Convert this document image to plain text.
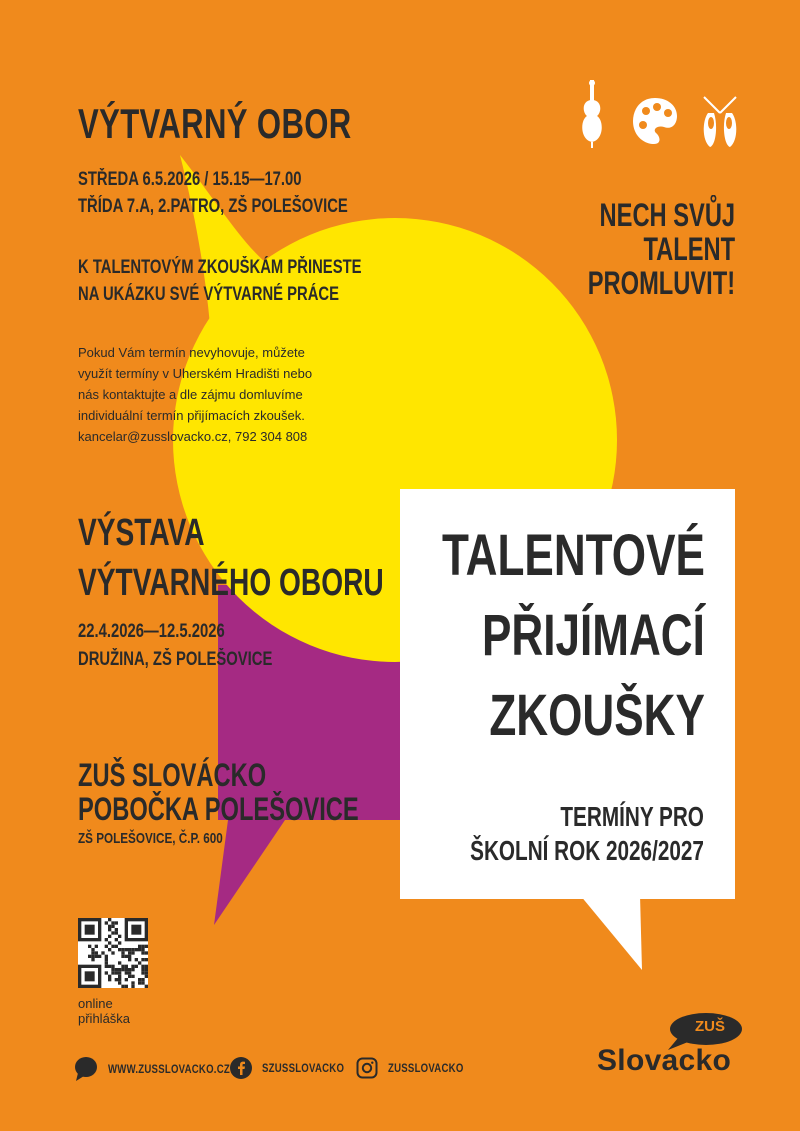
VÝTVARNÝ OBOR
STŘEDA 6.5.2026 / 15.15—17.00
TŘÍDA 7.A, 2.PATRO, ZŠ POLEŠOVICE
K TALENTOVÝM ZKOUŠKÁM PŘINESTE
NA UKÁZKU SVÉ VÝTVARNÉ PRÁCE
Pokud Vám termín nevyhovuje, můžete
využít termíny v Uherském Hradišti nebo
nás kontaktujte a dle zájmu domluvíme
individuální termín přijímacích zkoušek.
kancelar@zusslovacko.cz, 792 304 808
VÝSTAVA
VÝTVARNÉHO OBORU
22.4.2026—12.5.2026
DRUŽINA, ZŠ POLEŠOVICE
ZUŠ SLOVÁCKO
POBOČKA POLEŠOVICE
ZŠ POLEŠOVICE, Č.P. 600
NECH SVŮJ
TALENT
PROMLUVIT!
TALENTOVÉ
PŘIJÍMACÍ
ZKOUŠKY
TERMÍNY PRO
ŠKOLNÍ ROK 2026/2027
online
přihláška
WWW.ZUSSLOVACKO.CZ	SZUSSLOVACKO	ZUSSLOVACKO
ZUŠ
Slovacko
